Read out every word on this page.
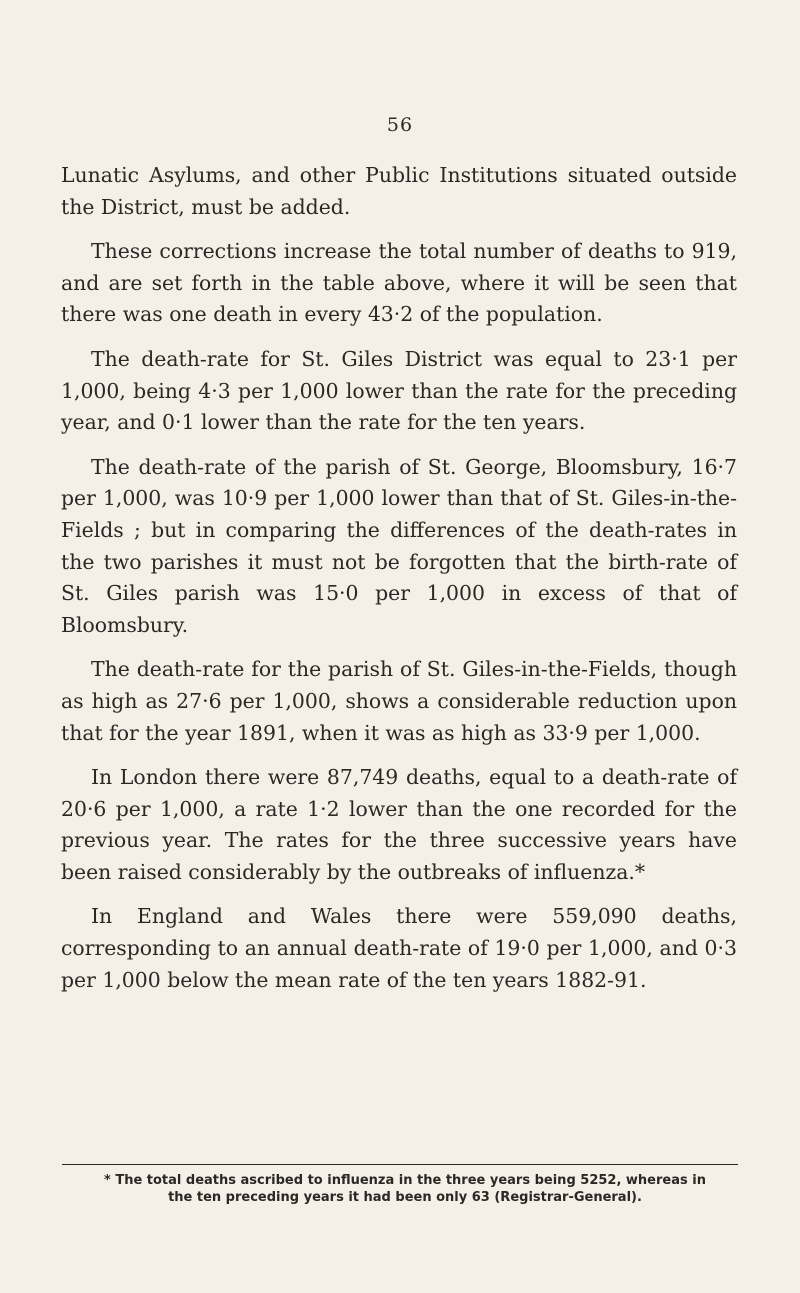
56

Lunatic Asylums, and other Public Institutions situated outside the District, must be added.

These corrections increase the total number of deaths to 919, and are set forth in the table above, where it will be seen that there was one death in every 43·2 of the population.

The death-rate for St. Giles District was equal to 23·1 per 1,000, being 4·3 per 1,000 lower than the rate for the preceding year, and 0·1 lower than the rate for the ten years.

The death-rate of the parish of St. George, Bloomsbury, 16·7 per 1,000, was 10·9 per 1,000 lower than that of St. Giles-in-the-Fields ; but in comparing the differences of the death-rates in the two parishes it must not be forgotten that the birth-rate of St. Giles parish was 15·0 per 1,000 in excess of that of Bloomsbury.

The death-rate for the parish of St. Giles-in-the-Fields, though as high as 27·6 per 1,000, shows a considerable reduction upon that for the year 1891, when it was as high as 33·9 per 1,000.

In London there were 87,749 deaths, equal to a death-rate of 20·6 per 1,000, a rate 1·2 lower than the one recorded for the previous year. The rates for the three successive years have been raised considerably by the outbreaks of influenza.*

In England and Wales there were 559,090 deaths, corresponding to an annual death-rate of 19·0 per 1,000, and 0·3 per 1,000 below the mean rate of the ten years 1882-91.

* The total deaths ascribed to influenza in the three years being 5252, whereas in the ten preceding years it had been only 63 (Registrar-General).
